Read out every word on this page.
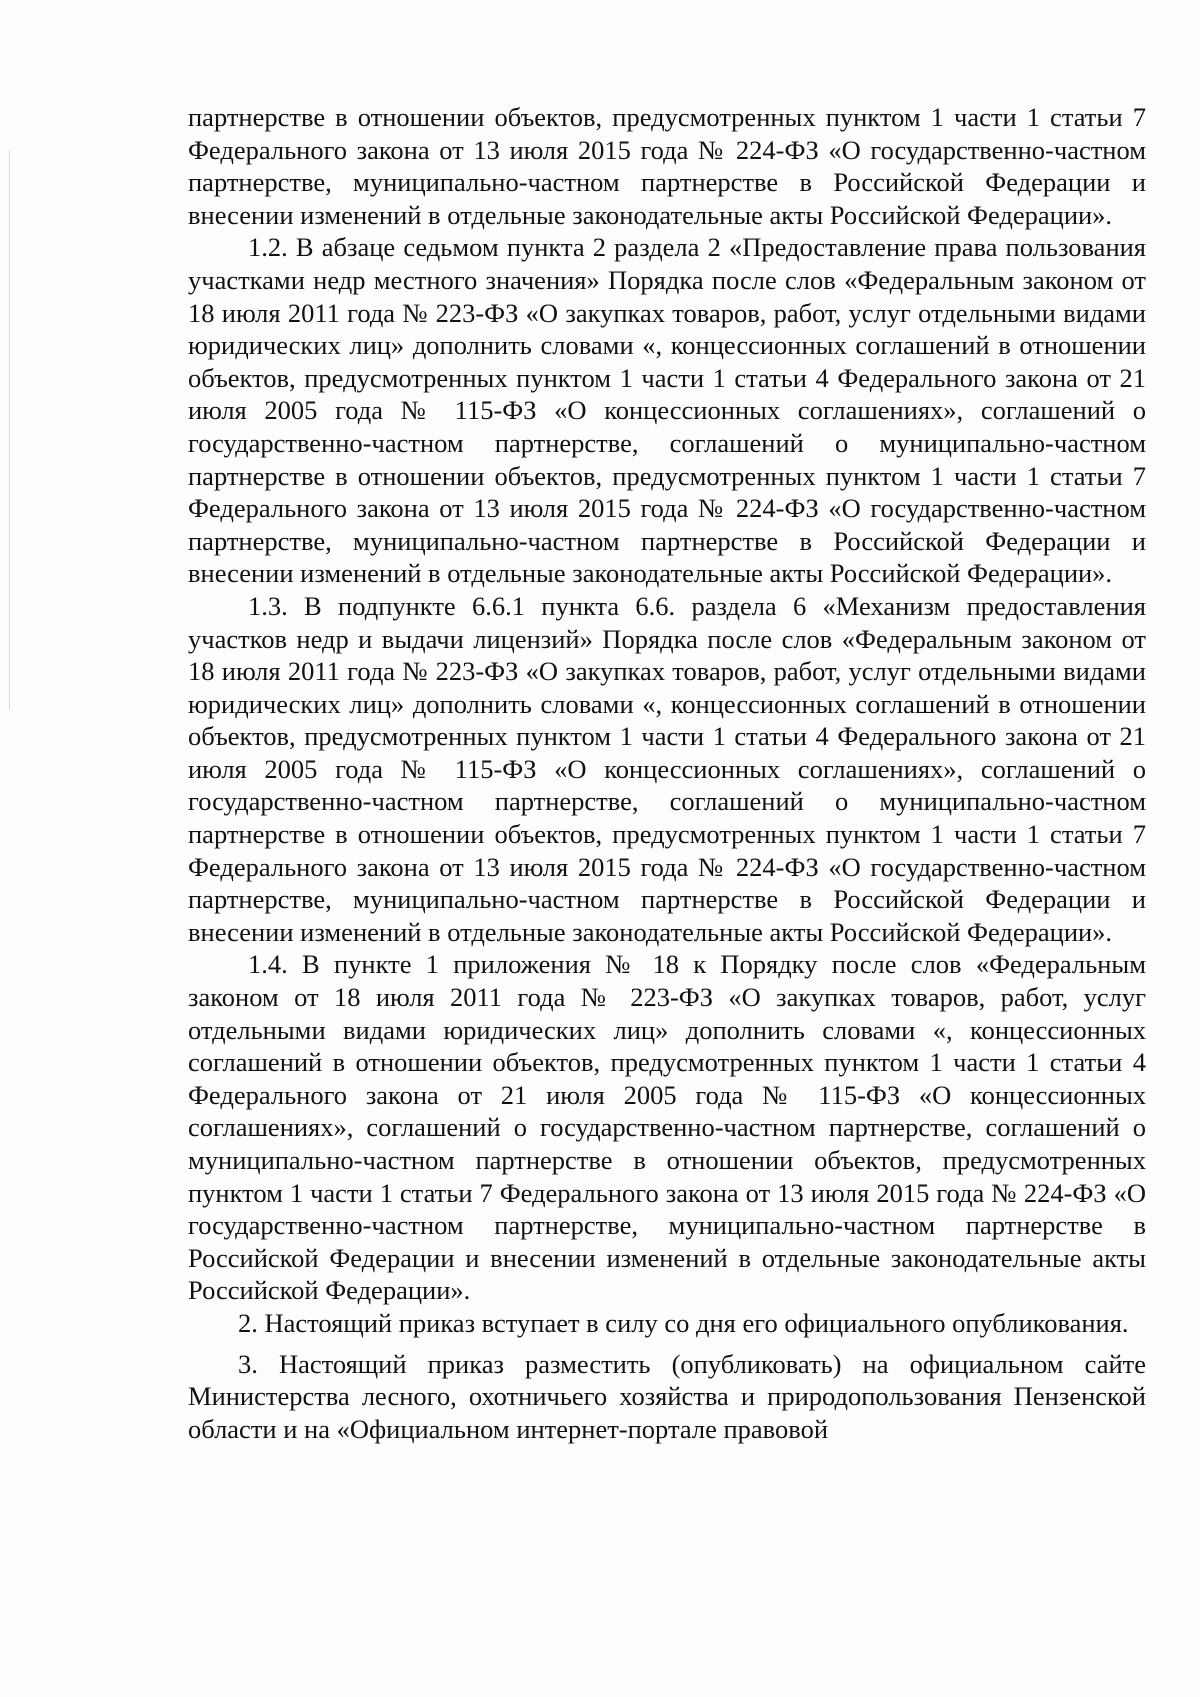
партнерстве в отношении объектов, предусмотренных пунктом 1 части 1 статьи 7 Федерального закона от 13 июля 2015 года № 224-ФЗ «О государственно-частном партнерстве, муниципально-частном партнерстве в Российской Федерации и внесении изменений в отдельные законодательные акты Российской Федерации».

1.2. В абзаце седьмом пункта 2 раздела 2 «Предоставление права пользования участками недр местного значения» Порядка после слов «Федеральным законом от 18 июля 2011 года № 223-ФЗ «О закупках товаров, работ, услуг отдельными видами юридических лиц» дополнить словами «, концессионных соглашений в отношении объектов, предусмотренных пунктом 1 части 1 статьи 4 Федерального закона от 21 июля 2005 года № 115-ФЗ «О концессионных соглашениях», соглашений о государственно-частном партнерстве, соглашений о муниципально-частном партнерстве в отношении объектов, предусмотренных пунктом 1 части 1 статьи 7 Федерального закона от 13 июля 2015 года № 224-ФЗ «О государственно-частном партнерстве, муниципально-частном партнерстве в Российской Федерации и внесении изменений в отдельные законодательные акты Российской Федерации».

1.3. В подпункте 6.6.1 пункта 6.6. раздела 6 «Механизм предоставления участков недр и выдачи лицензий» Порядка после слов «Федеральным законом от 18 июля 2011 года № 223-ФЗ «О закупках товаров, работ, услуг отдельными видами юридических лиц» дополнить словами «, концессионных соглашений в отношении объектов, предусмотренных пунктом 1 части 1 статьи 4 Федерального закона от 21 июля 2005 года № 115-ФЗ «О концессионных соглашениях», соглашений о государственно-частном партнерстве, соглашений о муниципально-частном партнерстве в отношении объектов, предусмотренных пунктом 1 части 1 статьи 7 Федерального закона от 13 июля 2015 года № 224-ФЗ «О государственно-частном партнерстве, муниципально-частном партнерстве в Российской Федерации и внесении изменений в отдельные законодательные акты Российской Федерации».

1.4. В пункте 1 приложения № 18 к Порядку после слов «Федеральным законом от 18 июля 2011 года № 223-ФЗ «О закупках товаров, работ, услуг отдельными видами юридических лиц» дополнить словами «, концессионных соглашений в отношении объектов, предусмотренных пунктом 1 части 1 статьи 4 Федерального закона от 21 июля 2005 года № 115-ФЗ «О концессионных соглашениях», соглашений о государственно-частном партнерстве, соглашений о муниципально-частном партнерстве в отношении объектов, предусмотренных пунктом 1 части 1 статьи 7 Федерального закона от 13 июля 2015 года № 224-ФЗ «О государственно-частном партнерстве, муниципально-частном партнерстве в Российской Федерации и внесении изменений в отдельные законодательные акты Российской Федерации».

2. Настоящий приказ вступает в силу со дня его официального опубликования.

3. Настоящий приказ разместить (опубликовать) на официальном сайте Министерства лесного, охотничьего хозяйства и природопользования Пензенской области и на «Официальном интернет-портале правовой
